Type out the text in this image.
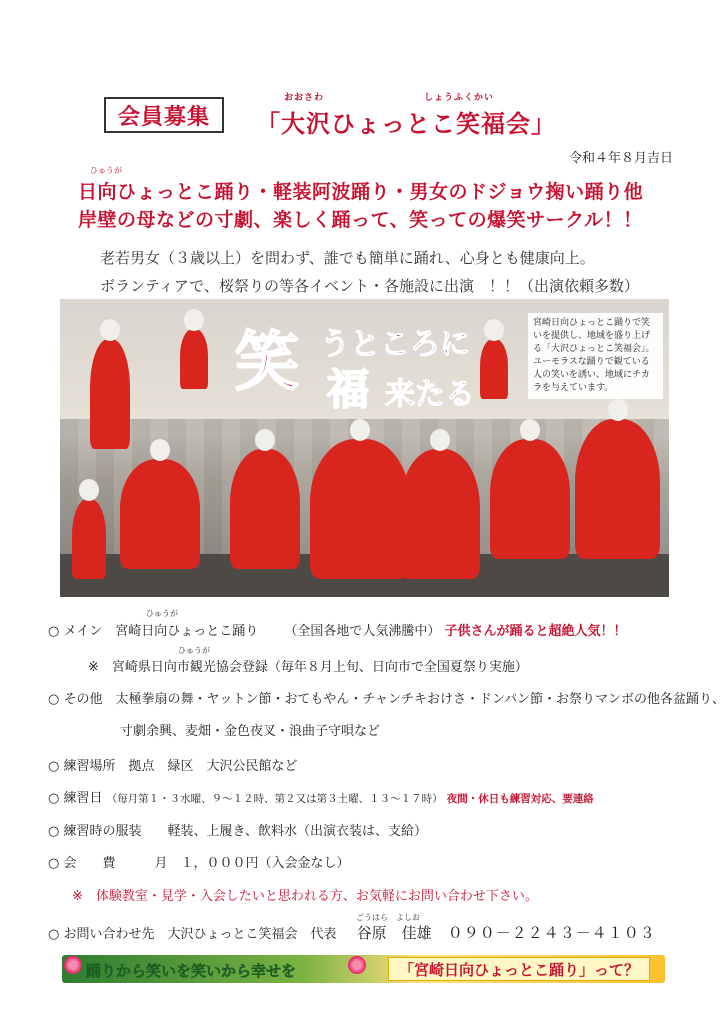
会員募集
おおさわ	しょうふくかい
「大沢ひょっとこ笑福会」
令和４年８月吉日
ひゅうが
日向ひょっとこ踊り・軽装阿波踊り・男女のドジョウ掬い踊り他
岸壁の母などの寸劇、楽しく踊って、笑っての爆笑サークル！！
老若男女（３歳以上）を問わず、誰でも簡単に踊れ、心身とも健康向上。
ボランティアで、桜祭りの等各イベント・各施設に出演　！！（出演依頼多数）
笑 うところに
福 来たる
宮崎日向ひょっとこ踊りで笑いを提供し、地域を盛り上げる「大沢ひょっとこ笑福会」。ユーモラスな踊りで観ている人の笑いを誘い、地域にチカラを与えています。
ひゅうが
○ メイン　宮崎日向ひょっとこ踊り （全国各地で人気沸騰中） 子供さんが踊ると超絶人気！！
ひゅうが
※　宮崎県日向市観光協会登録（毎年８月上旬、日向市で全国夏祭り実施）
○ その他　太極拳扇の舞・ヤットン節・おてもやん・チャンチキおけさ・ドンパン節・お祭りマンボの他各盆踊り、
寸劇余興、麦畑・金色夜叉・浪曲子守唄など
○ 練習場所　拠点　緑区　大沢公民館など
○ 練習日 （毎月第１・３水曜、９～１２時、第２又は第３土曜、１３～１７時） 夜間・休日も練習対応、要連絡
○ 練習時の服装　　軽装、上履き、飲料水（出演衣装は、支給）
○ 会　　費　　　月　１，０００円（入会金なし）
※　体験教室・見学・入会したいと思われる方、お気軽にお問い合わせ下さい。
ごうはら　よしお
○ お問い合わせ先　大沢ひょっとこ笑福会　代表 谷原　佳雄 ０９０－２２４３－４１０３
踊りから笑いを笑いから幸せを	「宮崎日向ひょっとこ踊り」って？
